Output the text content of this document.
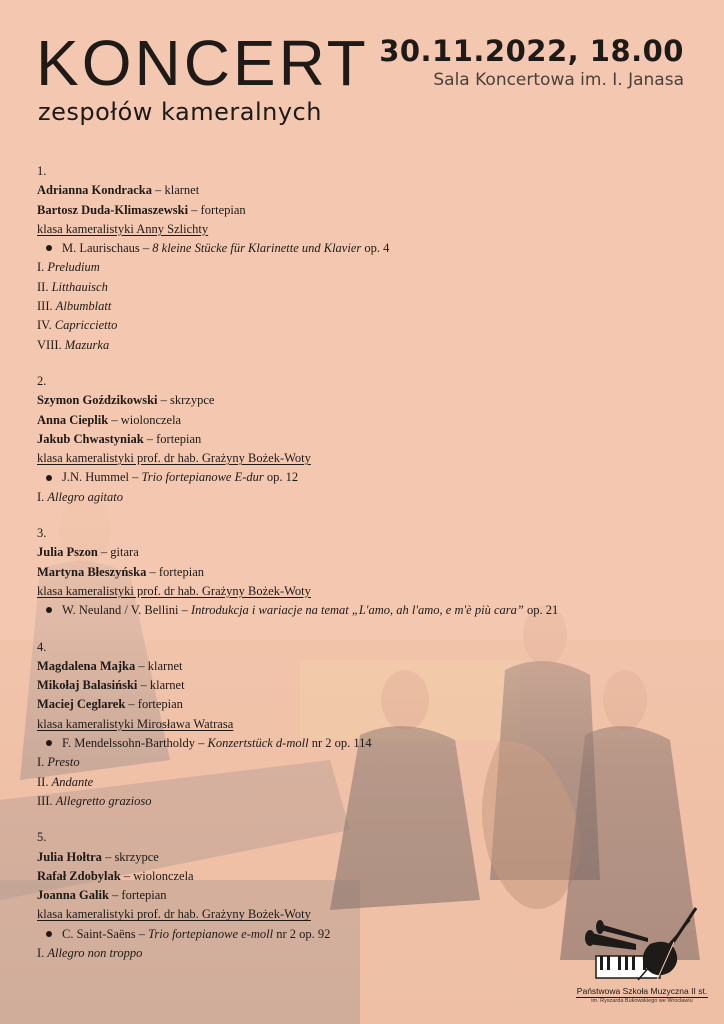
KONCERT
zespołów kameralnych
30.11.2022, 18.00
Sala Koncertowa im. I. Janasa
1.
Adrianna Kondracka – klarnet
Bartosz Duda-Klimaszewski – fortepian
klasa kameralistyki Anny Szlichty
M. Laurischaus – 8 kleine Stücke für Klarinette und Klavier op. 4
I. Preludium
II. Litthauisch
III. Albumblatt
IV. Capriccietto
VIII. Mazurka
2.
Szymon Goździkowski – skrzypce
Anna Cieplik – wiolonczela
Jakub Chwastyniak – fortepian
klasa kameralistyki prof. dr hab. Grażyny Bożek-Woty
J.N. Hummel – Trio fortepianowe E-dur op. 12
I. Allegro agitato
3.
Julia Pszon – gitara
Martyna Błeszyńska – fortepian
klasa kameralistyki prof. dr hab. Grażyny Bożek-Woty
W. Neuland / V. Bellini – Introdukcja i wariacje na temat „L'amo, ah l'amo, e m'è più cara” op. 21
4.
Magdalena Majka – klarnet
Mikołaj Balasiński – klarnet
Maciej Ceglarek – fortepian
klasa kameralistyki Mirosława Watrasa
F. Mendelssohn-Bartholdy – Konzertstück d-moll nr 2 op. 114
I. Presto
II. Andante
III. Allegretto grazioso
5.
Julia Hołtra – skrzypce
Rafał Zdobylak – wiolonczela
Joanna Galik – fortepian
klasa kameralistyki prof. dr hab. Grażyny Bożek-Woty
C. Saint-Saëns – Trio fortepianowe e-moll nr 2 op. 92
I. Allegro non troppo
Państwowa Szkoła Muzyczna II st.
im. Ryszarda Bukowskiego we Wrocławiu
